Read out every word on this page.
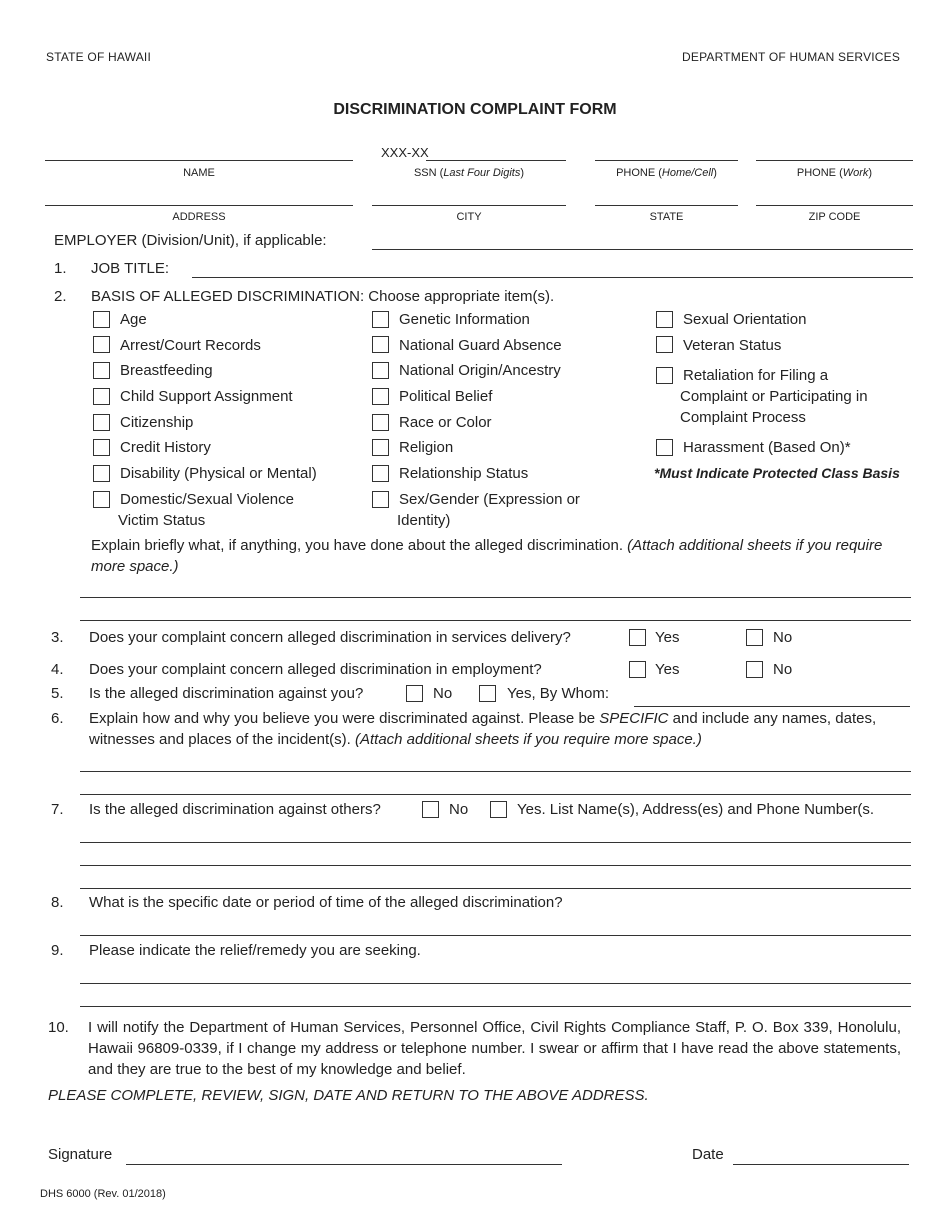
STATE OF HAWAII	DEPARTMENT OF HUMAN SERVICES
DISCRIMINATION COMPLAINT FORM
XXX-XX
NAME	SSN (Last Four Digits)	PHONE (Home/Cell)	PHONE (Work)
ADDRESS	CITY	STATE	ZIP CODE
EMPLOYER (Division/Unit), if applicable:
1. JOB TITLE:
2. BASIS OF ALLEGED DISCRIMINATION: Choose appropriate item(s).
Age
Arrest/Court Records
Breastfeeding
Child Support Assignment
Citizenship
Credit History
Disability (Physical or Mental)
Domestic/Sexual Violence Victim Status
Genetic Information
National Guard Absence
National Origin/Ancestry
Political Belief
Race or Color
Religion
Relationship Status
Sex/Gender (Expression or Identity)
Sexual Orientation
Veteran Status
Retaliation for Filing a Complaint or Participating in Complaint Process
Harassment (Based On)*
*Must Indicate Protected Class Basis
Explain briefly what, if anything, you have done about the alleged discrimination. (Attach additional sheets if you require more space.)
3. Does your complaint concern alleged discrimination in services delivery?	Yes	No
4. Does your complaint concern alleged discrimination in employment?	Yes	No
5. Is the alleged discrimination against you?	No	Yes, By Whom:
6. Explain how and why you believe you were discriminated against. Please be SPECIFIC and include any names, dates, witnesses and places of the incident(s). (Attach additional sheets if you require more space.)
7. Is the alleged discrimination against others?	No	Yes. List Name(s), Address(es) and Phone Number(s.
8. What is the specific date or period of time of the alleged discrimination?
9. Please indicate the relief/remedy you are seeking.
10. I will notify the Department of Human Services, Personnel Office, Civil Rights Compliance Staff, P. O. Box 339, Honolulu, Hawaii 96809-0339, if I change my address or telephone number. I swear or affirm that I have read the above statements, and they are true to the best of my knowledge and belief.
PLEASE COMPLETE, REVIEW, SIGN, DATE AND RETURN TO THE ABOVE ADDRESS.
Signature	Date
DHS 6000 (Rev. 01/2018)
